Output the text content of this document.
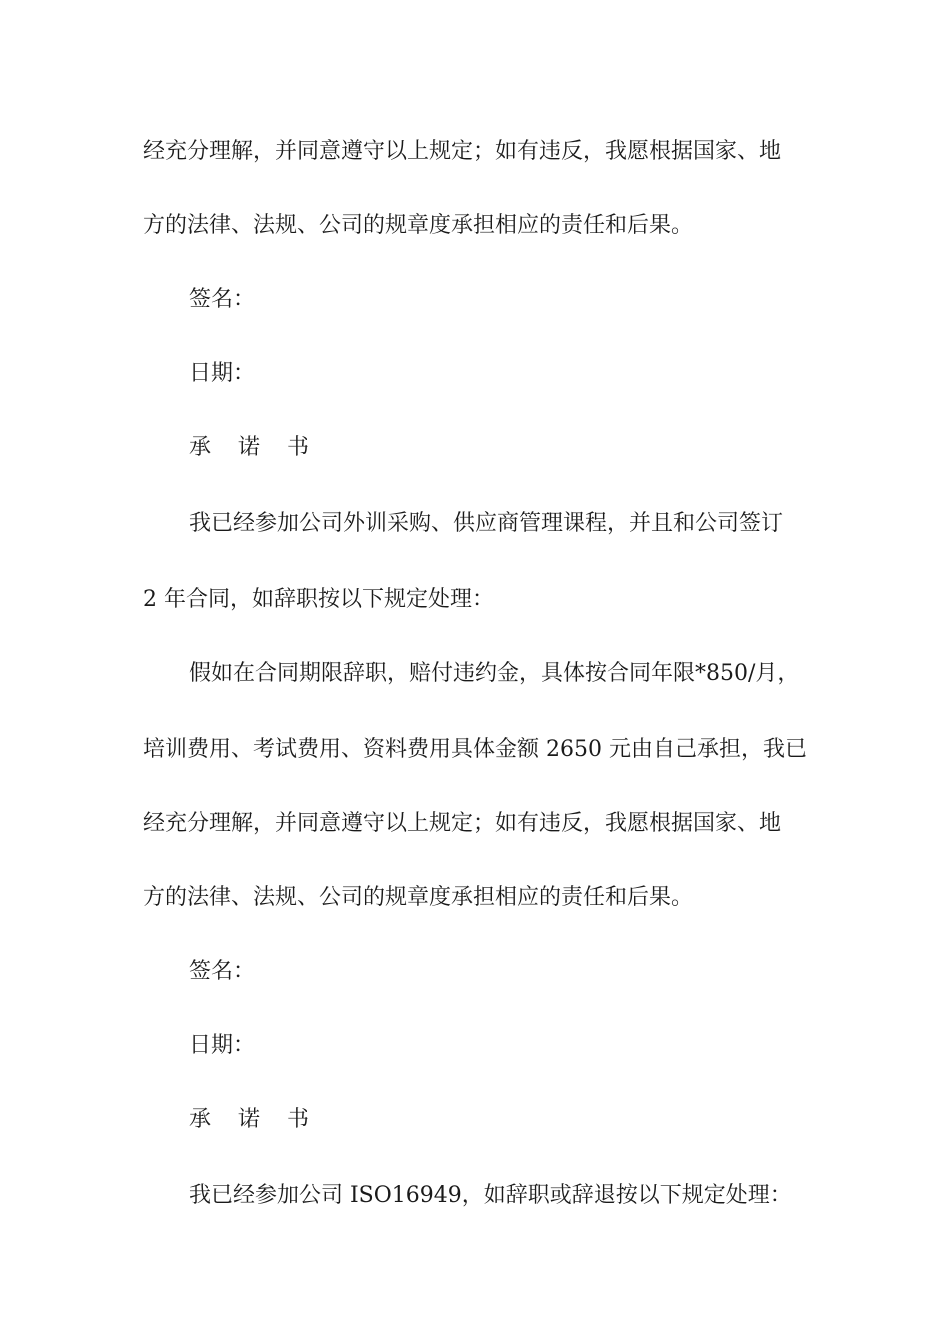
经充分理解，并同意遵守以上规定；如有违反，我愿根据国家、地
方的法律、法规、公司的规章度承担相应的责任和后果。
签名：
日期：
承 诺 书
我已经参加公司外训采购、供应商管理课程，并且和公司签订
2 年合同，如辞职按以下规定处理：
假如在合同期限辞职，赔付违约金，具体按合同年限*850/月，
培训费用、考试费用、资料费用具体金额 2650 元由自己承担，我已
经充分理解，并同意遵守以上规定；如有违反，我愿根据国家、地
方的法律、法规、公司的规章度承担相应的责任和后果。
签名：
日期：
承 诺 书
我已经参加公司 ISO16949，如辞职或辞退按以下规定处理：
